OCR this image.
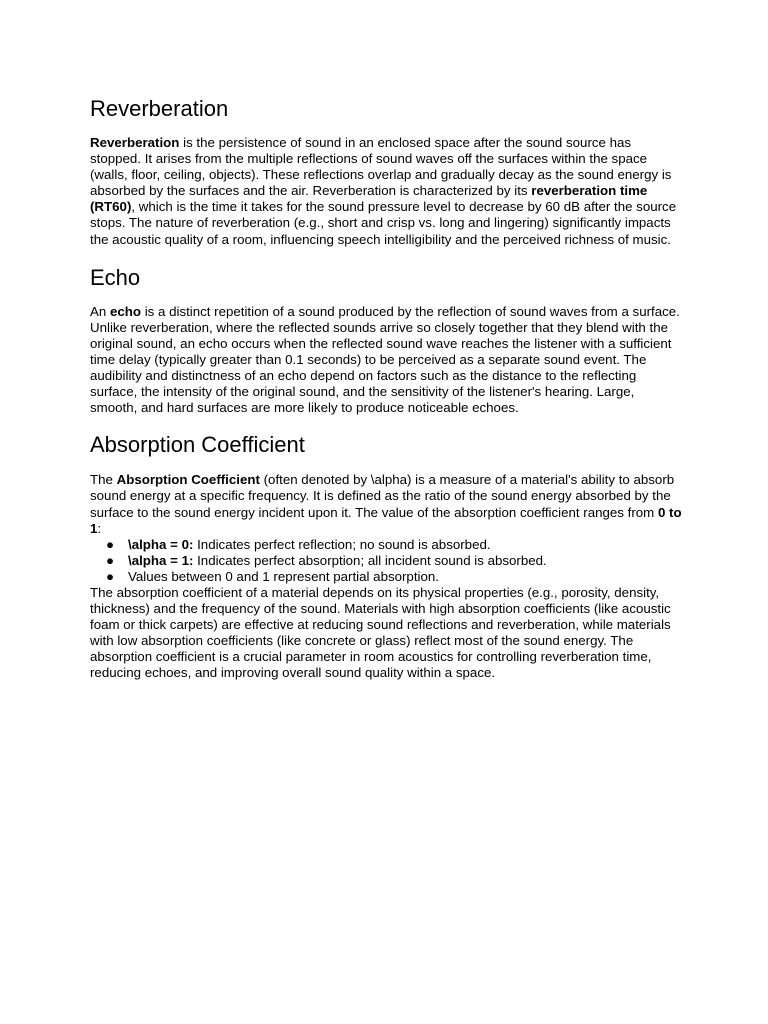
Reverberation

Reverberation is the persistence of sound in an enclosed space after the sound source has stopped. It arises from the multiple reflections of sound waves off the surfaces within the space (walls, floor, ceiling, objects). These reflections overlap and gradually decay as the sound energy is absorbed by the surfaces and the air. Reverberation is characterized by its reverberation time (RT60), which is the time it takes for the sound pressure level to decrease by 60 dB after the source stops. The nature of reverberation (e.g., short and crisp vs. long and lingering) significantly impacts the acoustic quality of a room, influencing speech intelligibility and the perceived richness of music.

Echo

An echo is a distinct repetition of a sound produced by the reflection of sound waves from a surface. Unlike reverberation, where the reflected sounds arrive so closely together that they blend with the original sound, an echo occurs when the reflected sound wave reaches the listener with a sufficient time delay (typically greater than 0.1 seconds) to be perceived as a separate sound event. The audibility and distinctness of an echo depend on factors such as the distance to the reflecting surface, the intensity of the original sound, and the sensitivity of the listener's hearing. Large, smooth, and hard surfaces are more likely to produce noticeable echoes.

Absorption Coefficient

The Absorption Coefficient (often denoted by \alpha) is a measure of a material's ability to absorb sound energy at a specific frequency. It is defined as the ratio of the sound energy absorbed by the surface to the sound energy incident upon it. The value of the absorption coefficient ranges from 0 to 1:

● \alpha = 0: Indicates perfect reflection; no sound is absorbed.
● \alpha = 1: Indicates perfect absorption; all incident sound is absorbed.
● Values between 0 and 1 represent partial absorption.

The absorption coefficient of a material depends on its physical properties (e.g., porosity, density, thickness) and the frequency of the sound. Materials with high absorption coefficients (like acoustic foam or thick carpets) are effective at reducing sound reflections and reverberation, while materials with low absorption coefficients (like concrete or glass) reflect most of the sound energy. The absorption coefficient is a crucial parameter in room acoustics for controlling reverberation time, reducing echoes, and improving overall sound quality within a space.
